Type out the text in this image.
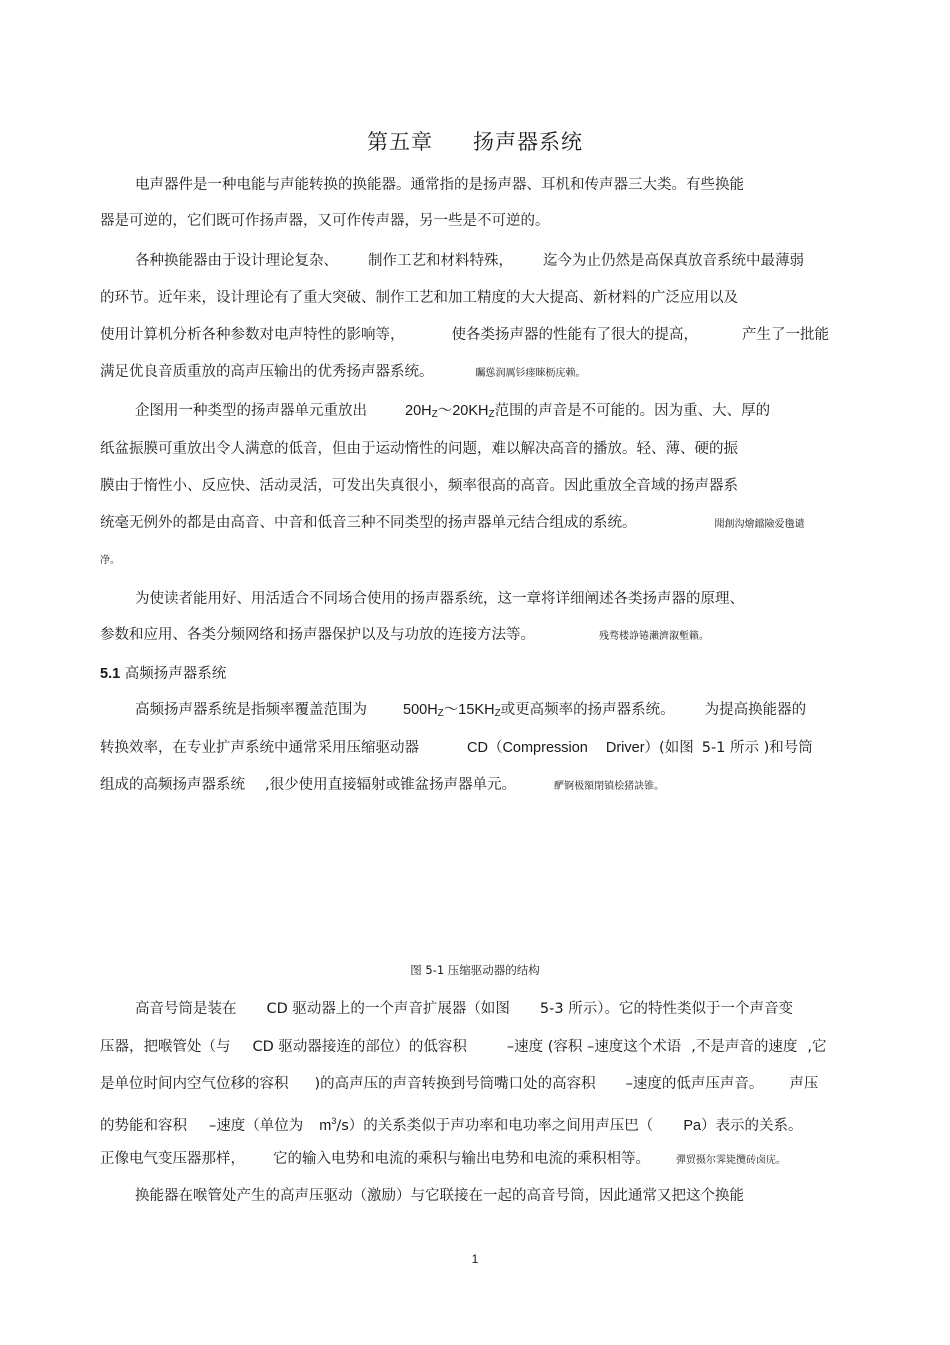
第五章 扬声器系统
电声器件是一种电能与声能转换的换能器。通常指的是扬声器、耳机和传声器三大类。有些换能
器是可逆的，它们既可作扬声器，又可作传声器，另一些是不可逆的。
各种换能器由于设计理论复杂、 制作工艺和材料特殊， 迄今为止仍然是高保真放音系统中最薄弱
的环节。近年来，设计理论有了重大突破、制作工艺和加工精度的大大提高、新材料的广泛应用以及
使用计算机分析各种参数对电声特性的影响等，	使各类扬声器的性能有了很大的提高，	产生了一批能
满足优良音质重放的高声压输出的优秀扬声器系统。	矚慫润厲钐瘗睞枥庑赖。
企图用一种类型的扬声器单元重放出	$20H_Z\sim 20KH_Z$范围的声音是不可能的。因为重、大、厚的
纸盆振膜可重放出令人满意的低音，但由于运动惰性的问题，难以解决高音的播放。轻、薄、硬的振
膜由于惰性小、反应快、活动灵活，可发出失真很小，频率很高的高音。因此重放全音域的扬声器系
统毫无例外的都是由高音、中音和低音三种不同类型的扬声器单元结合组成的系统。	聞創沟燴鐺險爱氇谴
净。
为使读者能用好、用活适合不同场合使用的扬声器系统，这一章将详细阐述各类扬声器的原理、
参数和应用、各类分频网络和扬声器保护以及与功放的连接方法等。	残骛楼諍锩瀨濟溆塹籟。
5.1 高频扬声器系统
高频扬声器系统是指频率覆盖范围为 $500H_Z\sim 15KH_Z$或更高频率的扬声器系统。 为提高换能器的
转换效率，在专业扩声系统中通常采用压缩驱动器	CD（Compression Driver）(如图 5-1 所示 )和号筒
组成的高频扬声器系统 ,很少使用直接辐射或锥盆扬声器单元。	酽锕极額閉镇桧猪訣锥。
图 5-1 压缩驱动器的结构
高音号筒是装在 CD 驱动器上的一个声音扩展器（如图 5-3 所示）。它的特性类似于一个声音变
压器，把喉管处（与 CD 驱动器接连的部位）的低容积	–速度 (容积 –速度这个术语 ,不是声音的速度 ,它
是单位时间内空气位移的容积 )的高声压的声音转换到号筒嘴口处的高容积 –速度的低声压声音。 声压
的势能和容积 –速度（单位为 $m^3/s$）的关系类似于声功率和电功率之间用声压巴（ Pa）表示的关系。
正像电气变压器那样， 它的输入电势和电流的乘积与输出电势和电流的乘积相等。	彈贸摄尔霁毙攬砖卤庑。
换能器在喉管处产生的高声压驱动（激励）与它联接在一起的高音号筒，因此通常又把这个换能
1
